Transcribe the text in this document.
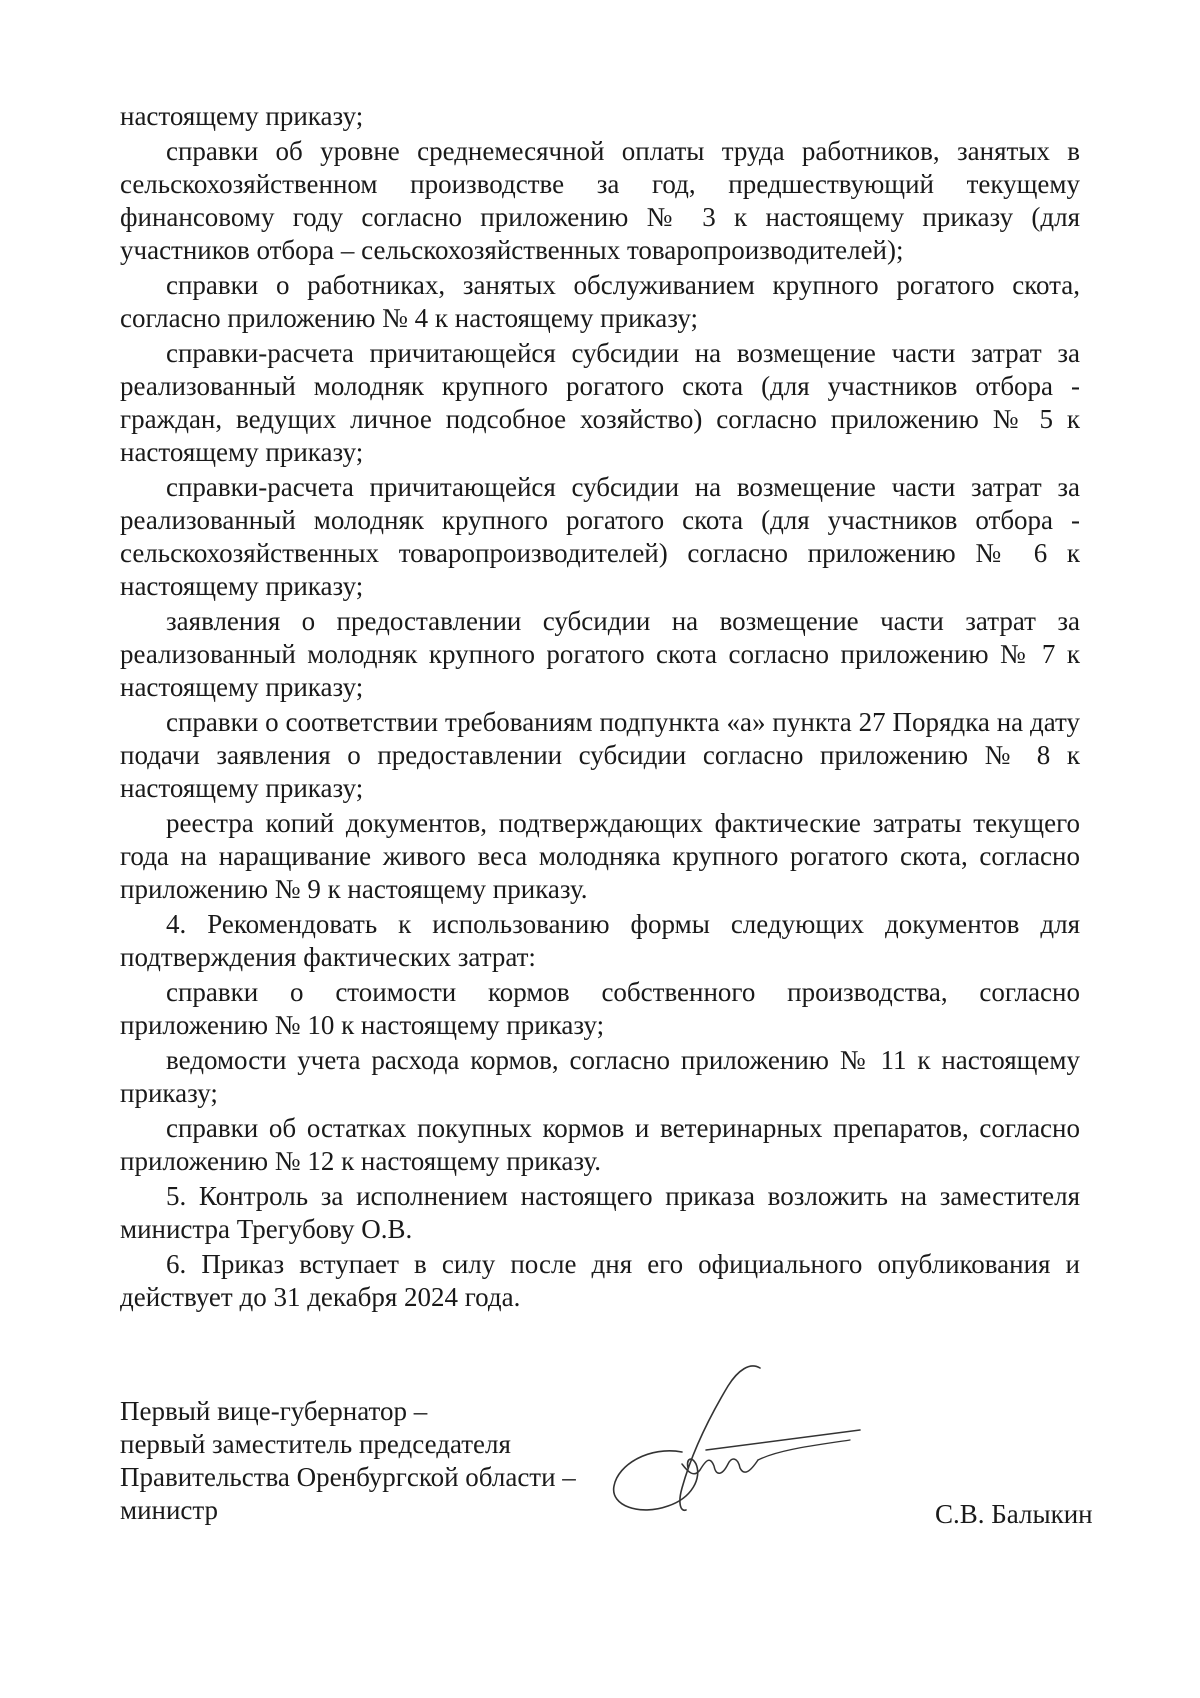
настоящему приказу;

справки об уровне среднемесячной оплаты труда работников, занятых в сельскохозяйственном производстве за год, предшествующий текущему финансовому году согласно приложению № 3 к настоящему приказу (для участников отбора – сельскохозяйственных товаропроизводителей);

справки о работниках, занятых обслуживанием крупного рогатого скота, согласно приложению № 4 к настоящему приказу;

справки-расчета причитающейся субсидии на возмещение части затрат за реализованный молодняк крупного рогатого скота (для участников отбора - граждан, ведущих личное подсобное хозяйство) согласно приложению № 5 к настоящему приказу;

справки-расчета причитающейся субсидии на возмещение части затрат за реализованный молодняк крупного рогатого скота (для участников отбора - сельскохозяйственных товаропроизводителей) согласно приложению № 6 к настоящему приказу;

заявления о предоставлении субсидии на возмещение части затрат за реализованный молодняк крупного рогатого скота согласно приложению № 7 к настоящему приказу;

справки о соответствии требованиям подпункта «а» пункта 27 Порядка на дату подачи заявления о предоставлении субсидии согласно приложению № 8 к настоящему приказу;

реестра копий документов, подтверждающих фактические затраты текущего года на наращивание живого веса молодняка крупного рогатого скота, согласно приложению № 9 к настоящему приказу.

4. Рекомендовать к использованию формы следующих документов для подтверждения фактических затрат:

справки о стоимости кормов собственного производства, согласно приложению № 10 к настоящему приказу;

ведомости учета расхода кормов, согласно приложению № 11 к настоящему приказу;

справки об остатках покупных кормов и ветеринарных препаратов, согласно приложению № 12 к настоящему приказу.

5. Контроль за исполнением настоящего приказа возложить на заместителя министра Трегубову О.В.

6. Приказ вступает в силу после дня его официального опубликования и действует до 31 декабря 2024 года.

Первый вице-губернатор –
первый заместитель председателя
Правительства Оренбургской области –
министр	С.В. Балыкин
